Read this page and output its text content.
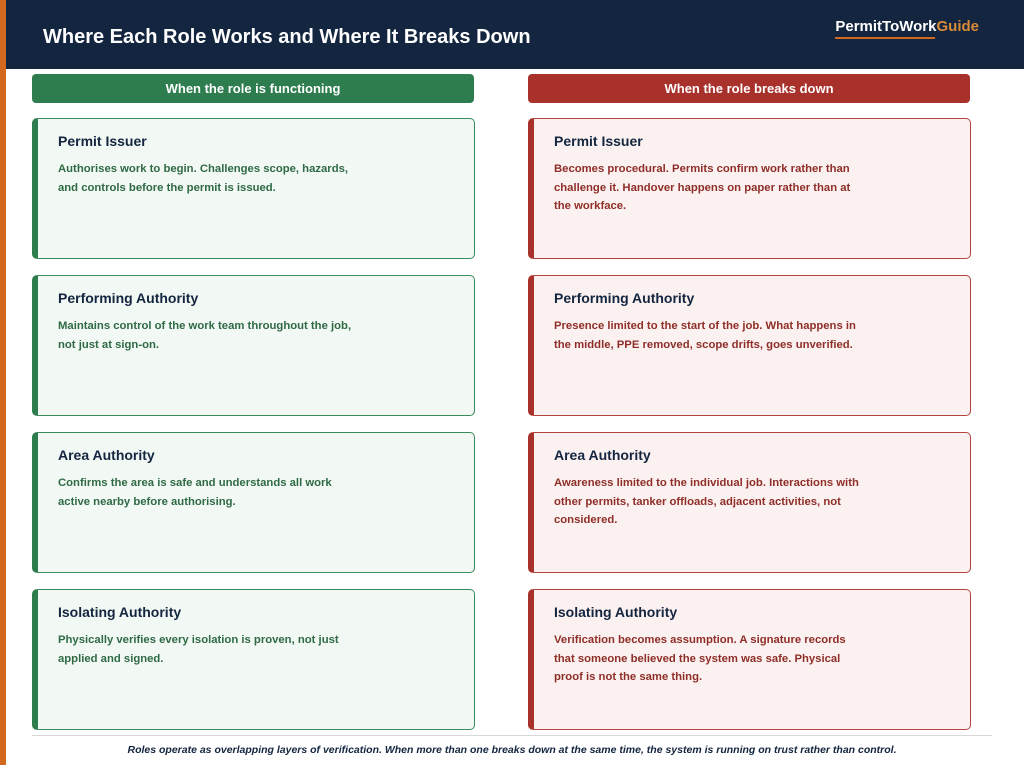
Where Each Role Works and Where It Breaks Down	PermitToWorkGuide
When the role is functioning	When the role breaks down
Permit Issuer
Authorises work to begin. Challenges scope, hazards, and controls before the permit is issued.
Performing Authority
Maintains control of the work team throughout the job, not just at sign-on.
Area Authority
Confirms the area is safe and understands all work active nearby before authorising.
Isolating Authority
Physically verifies every isolation is proven, not just applied and signed.
Permit Issuer
Becomes procedural. Permits confirm work rather than challenge it. Handover happens on paper rather than at the workface.
Performing Authority
Presence limited to the start of the job. What happens in the middle, PPE removed, scope drifts, goes unverified.
Area Authority
Awareness limited to the individual job. Interactions with other permits, tanker offloads, adjacent activities, not considered.
Isolating Authority
Verification becomes assumption. A signature records that someone believed the system was safe. Physical proof is not the same thing.
Roles operate as overlapping layers of verification. When more than one breaks down at the same time, the system is running on trust rather than control.
